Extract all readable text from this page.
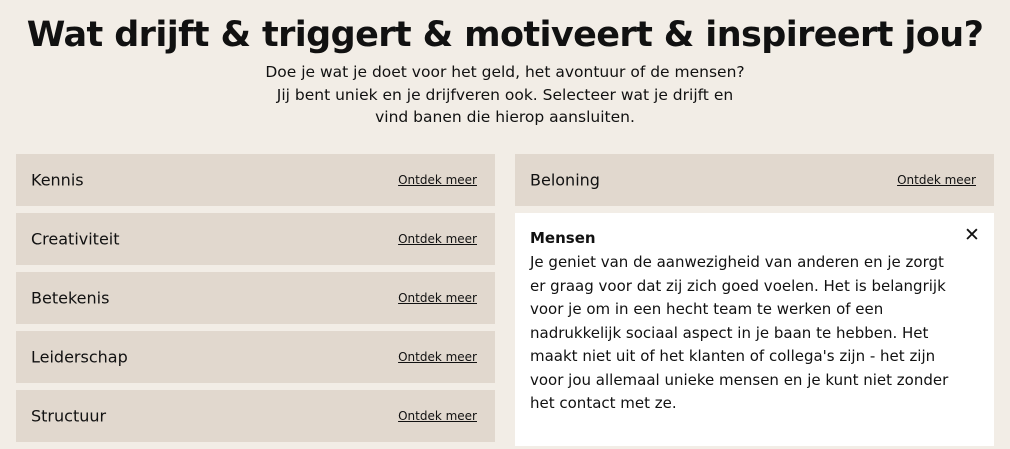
Wat drijft & triggert & motiveert & inspireert jou?
Doe je wat je doet voor het geld, het avontuur of de mensen?
Jij bent uniek en je drijfveren ook. Selecteer wat je drijft en
vind banen die hierop aansluiten.
Kennis	Ontdek meer
Creativiteit	Ontdek meer
Betekenis	Ontdek meer
Leiderschap	Ontdek meer
Structuur	Ontdek meer
Beloning	Ontdek meer
Mensen	✕
Je geniet van de aanwezigheid van anderen en je zorgt
er graag voor dat zij zich goed voelen. Het is belangrijk
voor je om in een hecht team te werken of een
nadrukkelijk sociaal aspect in je baan te hebben. Het
maakt niet uit of het klanten of collega's zijn - het zijn
voor jou allemaal unieke mensen en je kunt niet zonder
het contact met ze.
